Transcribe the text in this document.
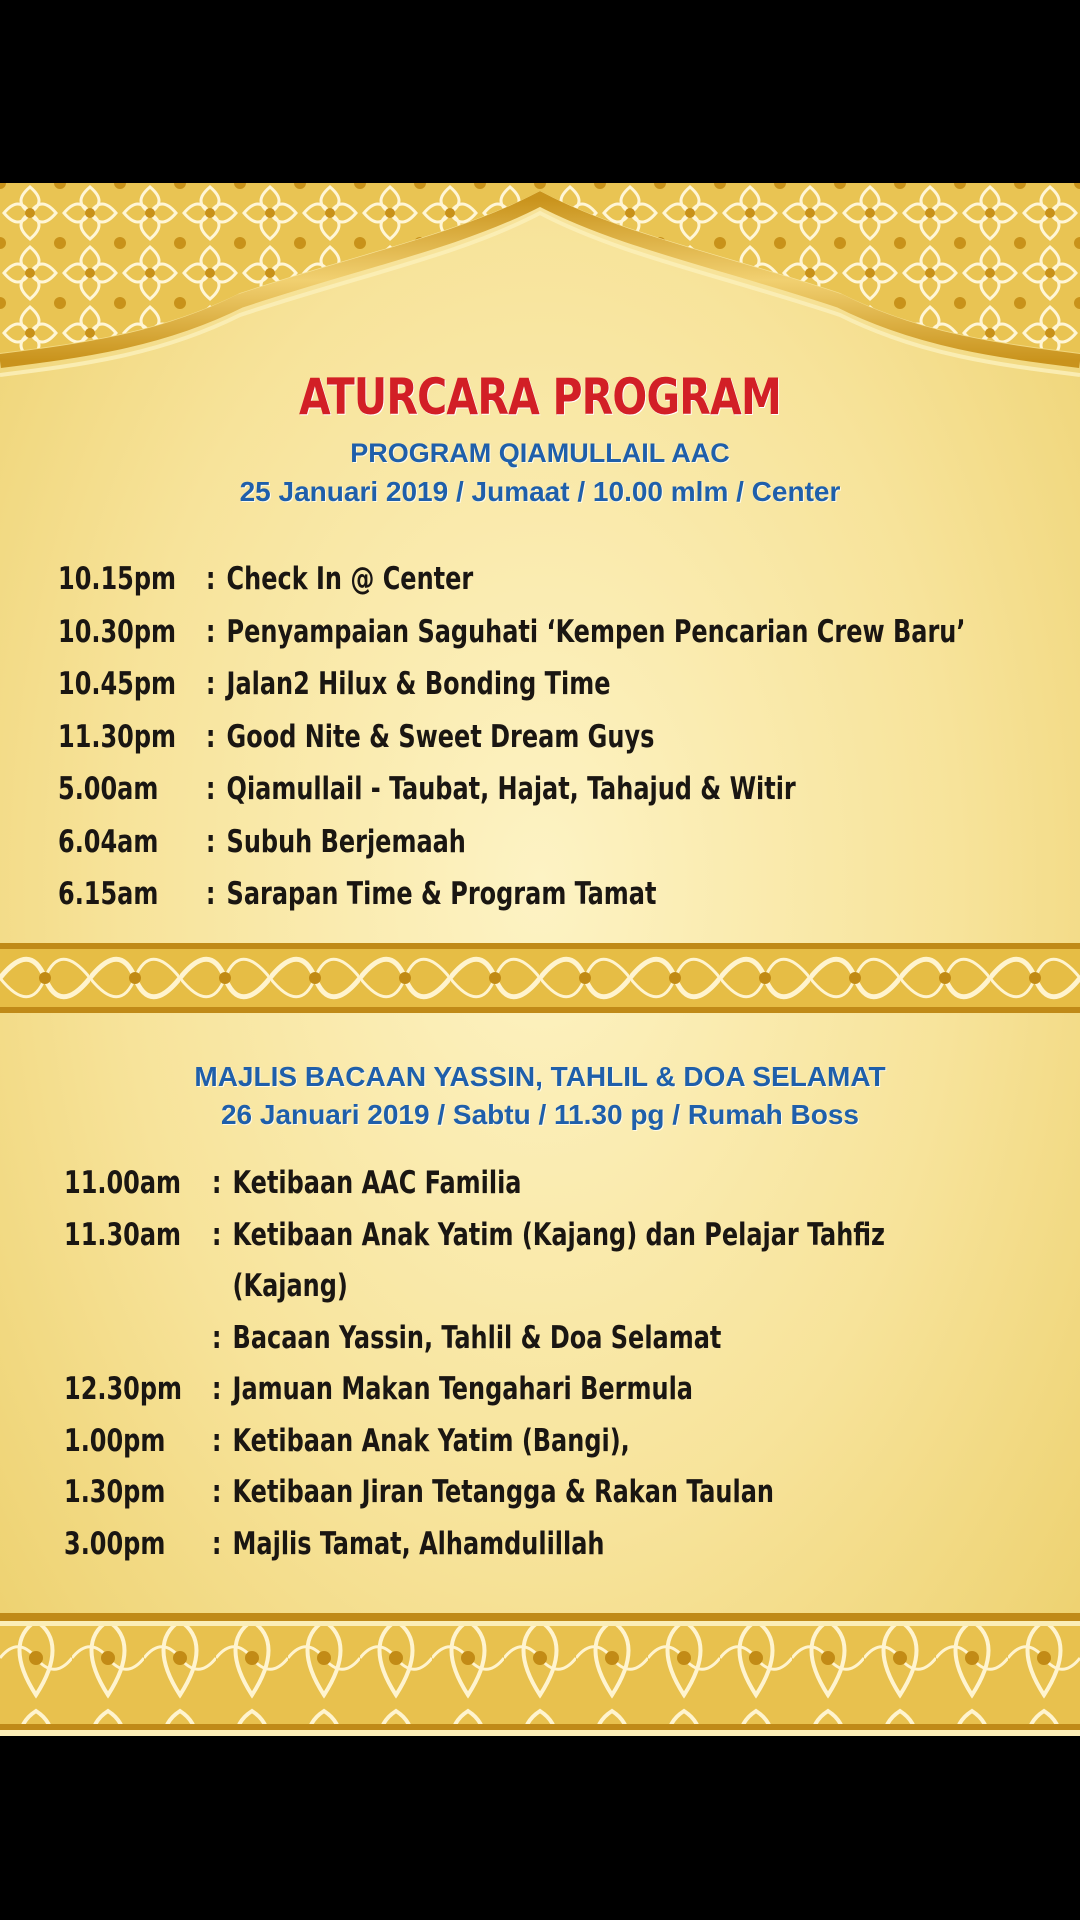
ATURCARA PROGRAM
PROGRAM QIAMULLAIL AAC
25 Januari 2019 / Jumaat / 10.00 mlm / Center
10.15pm : Check In @ Center
10.30pm : Penyampaian Saguhati ‘Kempen Pencarian Crew Baru’
10.45pm : Jalan2 Hilux & Bonding Time
11.30pm : Good Nite & Sweet Dream Guys
5.00am	: Qiamullail - Taubat, Hajat, Tahajud & Witir
6.04am	: Subuh Berjemaah
6.15am	: Sarapan Time & Program Tamat
MAJLIS BACAAN YASSIN, TAHLIL & DOA SELAMAT
26 Januari 2019 / Sabtu / 11.30 pg / Rumah Boss
11.00am : Ketibaan AAC Familia
11.30am : Ketibaan Anak Yatim (Kajang) dan Pelajar Tahfiz
(Kajang)
: Bacaan Yassin, Tahlil & Doa Selamat
12.30pm : Jamuan Makan Tengahari Bermula
1.00pm	: Ketibaan Anak Yatim (Bangi),
1.30pm	: Ketibaan Jiran Tetangga & Rakan Taulan
3.00pm	: Majlis Tamat, Alhamdulillah
